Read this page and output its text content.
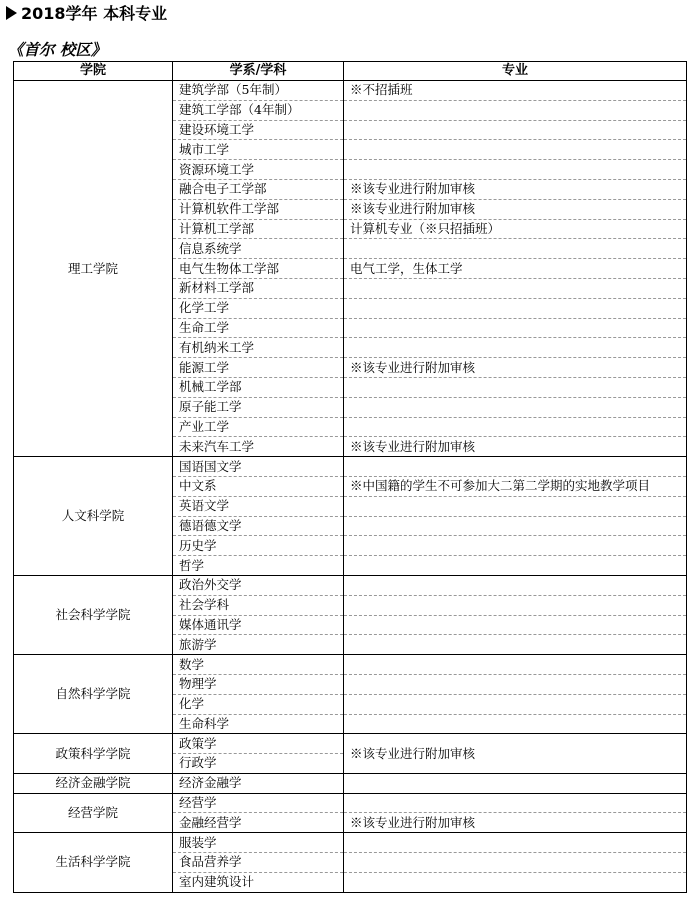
2018学年 本科专业
《首尔 校区》
学院	学系/学科	专业
理工学院	建筑学部（5年制）	※不招插班
	建筑工学部（4年制）	
	建设环境工学	
	城市工学	
	资源环境工学	
	融合电子工学部	※该专业进行附加审核
	计算机软件工学部	※该专业进行附加审核
	计算机工学部	计算机专业（※只招插班）
	信息系统学	
	电气生物体工学部	电气工学，生体工学
	新材料工学部	
	化学工学	
	生命工学	
	有机纳米工学	
	能源工学	※该专业进行附加审核
	机械工学部	
	原子能工学	
	产业工学	
	未来汽车工学	※该专业进行附加审核
人文科学院	国语国文学	
	中文系	※中国籍的学生不可参加大二第二学期的实地教学项目
	英语文学	
	德语德文学	
	历史学	
	哲学	
社会科学学院	政治外交学	
	社会学科	
	媒体通讯学	
	旅游学	
自然科学学院	数学	
	物理学	
	化学	
	生命科学	
政策科学学院	政策学	※该专业进行附加审核
	行政学	
经济金融学院	经济金融学	
经营学院	经营学	
	金融经营学	※该专业进行附加审核
生活科学学院	服装学	
	食品营养学	
	室内建筑设计	
